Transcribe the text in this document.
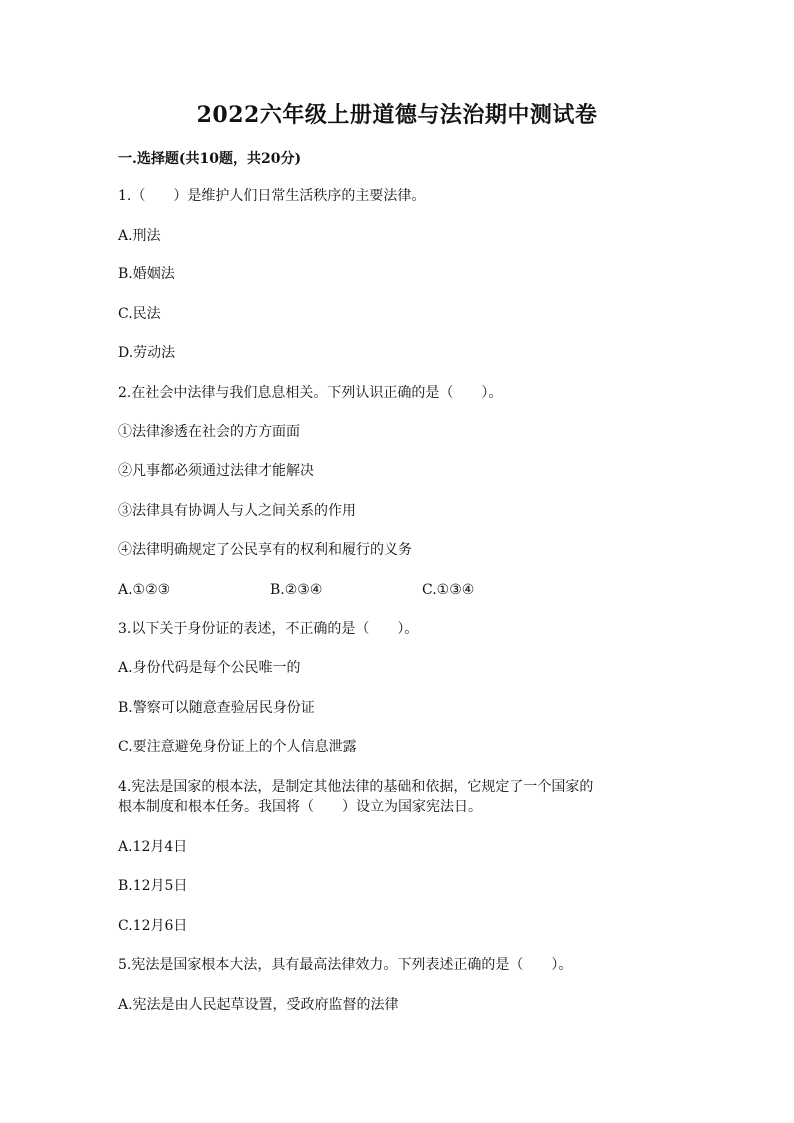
2022六年级上册道德与法治期中测试卷
一.选择题(共10题，共20分)
1.（　　）是维护人们日常生活秩序的主要法律。
A.刑法
B.婚姻法
C.民法
D.劳动法
2.在社会中法律与我们息息相关。下列认识正确的是（　　）。
①法律渗透在社会的方方面面
②凡事都必须通过法律才能解决
③法律具有协调人与人之间关系的作用
④法律明确规定了公民享有的权利和履行的义务
A.①②③	B.②③④	C.①③④
3.以下关于身份证的表述，不正确的是（　　）。
A.身份代码是每个公民唯一的
B.警察可以随意查验居民身份证
C.要注意避免身份证上的个人信息泄露
4.宪法是国家的根本法，是制定其他法律的基础和依据，它规定了一个国家的
根本制度和根本任务。我国将（　　）设立为国家宪法日。
A.12月4日
B.12月5日
C.12月6日
5.宪法是国家根本大法，具有最高法律效力。下列表述正确的是（　　）。
A.宪法是由人民起草设置，受政府监督的法律
